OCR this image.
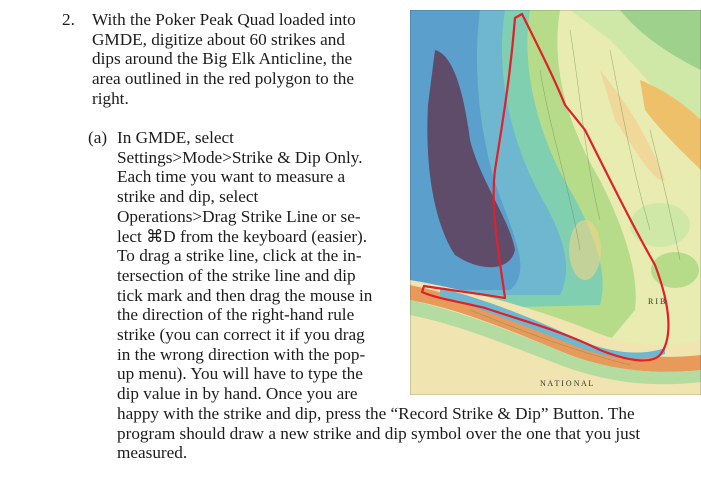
2. With the Poker Peak Quad loaded into
GMDE, digitize about 60 strikes and
dips around the Big Elk Anticline, the
area outlined in the red polygon to the
right.
(a) In GMDE, select
Settings>Mode>Strike & Dip Only.
Each time you want to measure a
strike and dip, select
Operations>Drag Strike Line or se-
lect ⌘D from the keyboard (easier).
To drag a strike line, click at the in-
tersection of the strike line and dip
tick mark and then drag the mouse in
the direction of the right-hand rule
strike (you can correct it if you drag
in the wrong direction with the pop-
up menu). You will have to type the
dip value in by hand. Once you are
happy with the strike and dip, press the “Record Strike & Dip” Button. The
program should draw a new strike and dip symbol over the one that you just
measured.
R I B
N A T I O N A L
